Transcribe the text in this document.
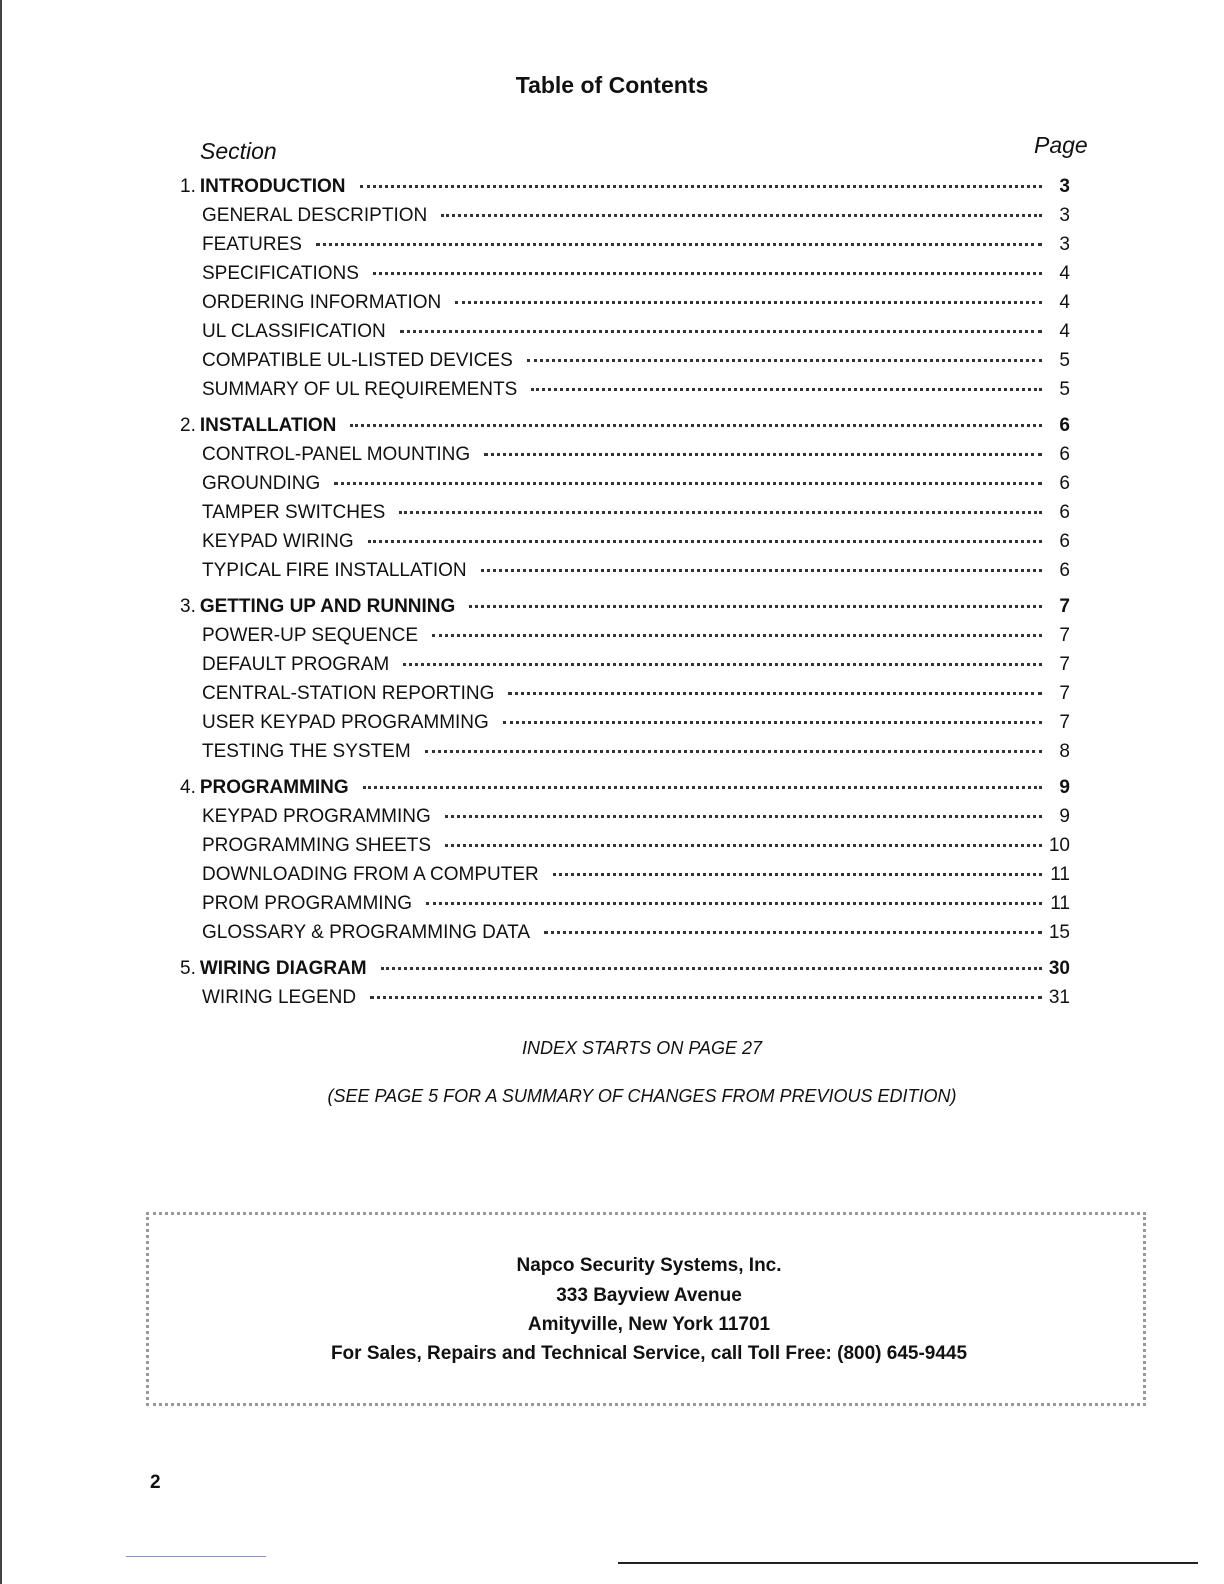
Table of Contents
Section	Page
1. INTRODUCTION	3
GENERAL DESCRIPTION	3
FEATURES	3
SPECIFICATIONS	4
ORDERING INFORMATION	4
UL CLASSIFICATION	4
COMPATIBLE UL-LISTED DEVICES	5
SUMMARY OF UL REQUIREMENTS	5
2. INSTALLATION	6
CONTROL-PANEL MOUNTING	6
GROUNDING	6
TAMPER SWITCHES	6
KEYPAD WIRING	6
TYPICAL FIRE INSTALLATION	6
3. GETTING UP AND RUNNING	7
POWER-UP SEQUENCE	7
DEFAULT PROGRAM	7
CENTRAL-STATION REPORTING	7
USER KEYPAD PROGRAMMING	7
TESTING THE SYSTEM	8
4. PROGRAMMING	9
KEYPAD PROGRAMMING	9
PROGRAMMING SHEETS	10
DOWNLOADING FROM A COMPUTER	11
PROM PROGRAMMING	11
GLOSSARY & PROGRAMMING DATA	15
5. WIRING DIAGRAM	30
WIRING LEGEND	31
INDEX STARTS ON PAGE 27
(SEE PAGE 5 FOR A SUMMARY OF CHANGES FROM PREVIOUS EDITION)
Napco Security Systems, Inc.
333 Bayview Avenue
Amityville, New York 11701
For Sales, Repairs and Technical Service, call Toll Free: (800) 645-9445
2
